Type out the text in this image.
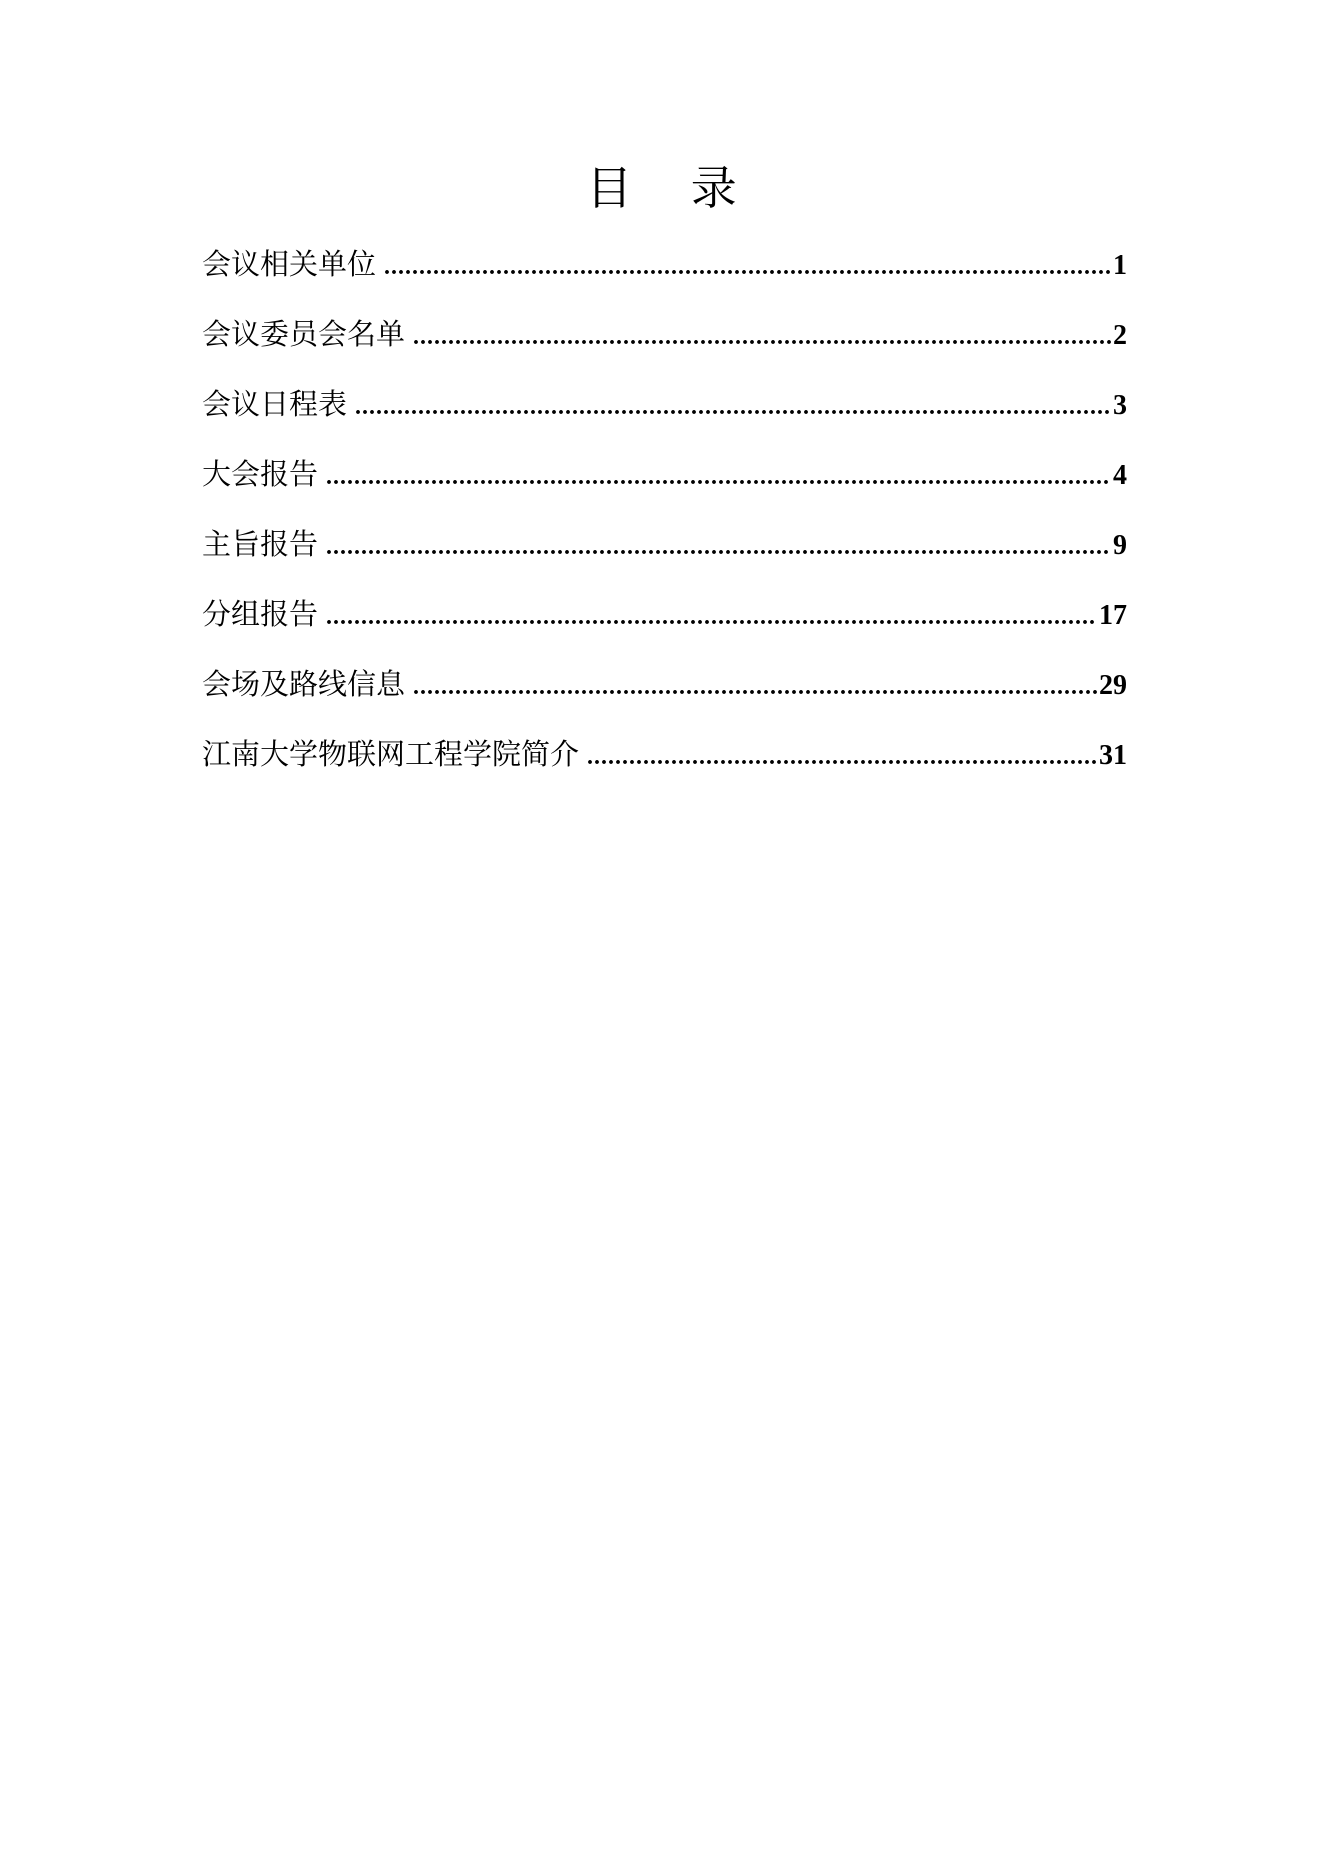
目    录
会议相关单位 .....	1
会议委员会名单 .....	2
会议日程表 .....	3
大会报告 .....	4
主旨报告 .....	9
分组报告 .....	17
会场及路线信息 .....	29
江南大学物联网工程学院简介 .....	31
